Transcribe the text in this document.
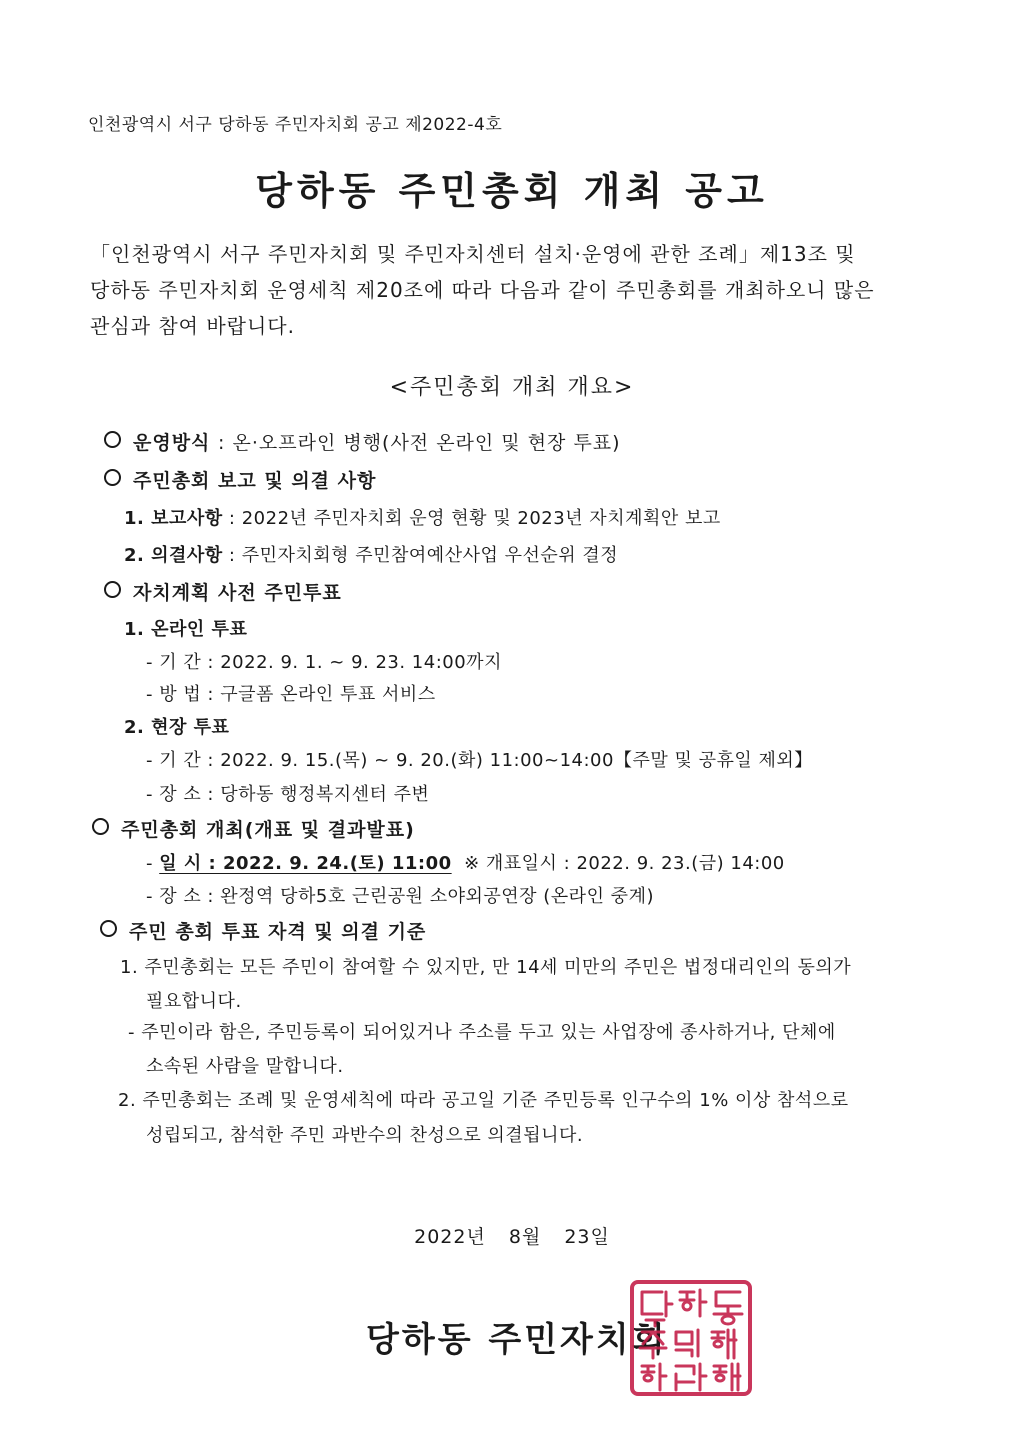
인천광역시 서구 당하동 주민자치회 공고 제2022-4호
당하동 주민총회 개최 공고
「인천광역시 서구 주민자치회 및 주민자치센터 설치·운영에 관한 조례」제13조 및
당하동 주민자치회 운영세칙 제20조에 따라 다음과 같이 주민총회를 개최하오니 많은
관심과 참여 바랍니다.
<주민총회 개최 개요>
운영방식 : 온·오프라인 병행(사전 온라인 및 현장 투표)
주민총회 보고 및 의결 사항
1. 보고사항 : 2022년 주민자치회 운영 현황 및 2023년 자치계획안 보고
2. 의결사항 : 주민자치회형 주민참여예산사업 우선순위 결정
자치계획 사전 주민투표
1. 온라인 투표
- 기 간 : 2022. 9. 1. ~ 9. 23. 14:00까지
- 방 법 : 구글폼 온라인 투표 서비스
2. 현장 투표
- 기 간 : 2022. 9. 15.(목) ~ 9. 20.(화) 11:00~14:00【주말 및 공휴일 제외】
- 장 소 : 당하동 행정복지센터 주변
주민총회 개최(개표 및 결과발표)
- 일 시 : 2022. 9. 24.(토) 11:00 ※ 개표일시 : 2022. 9. 23.(금) 14:00
- 장 소 : 완정역 당하5호 근린공원 소야외공연장 (온라인 중계)
주민 총회 투표 자격 및 의결 기준
1. 주민총회는 모든 주민이 참여할 수 있지만, 만 14세 미만의 주민은 법정대리인의 동의가
필요합니다.
- 주민이라 함은, 주민등록이 되어있거나 주소를 두고 있는 사업장에 종사하거나, 단체에
소속된 사람을 말합니다.
2. 주민총회는 조례 및 운영세칙에 따라 공고일 기준 주민등록 인구수의 1% 이상 참석으로
성립되고, 참석한 주민 과반수의 찬성으로 의결됩니다.
2022년 8월 23일
당하동 주민자치회
